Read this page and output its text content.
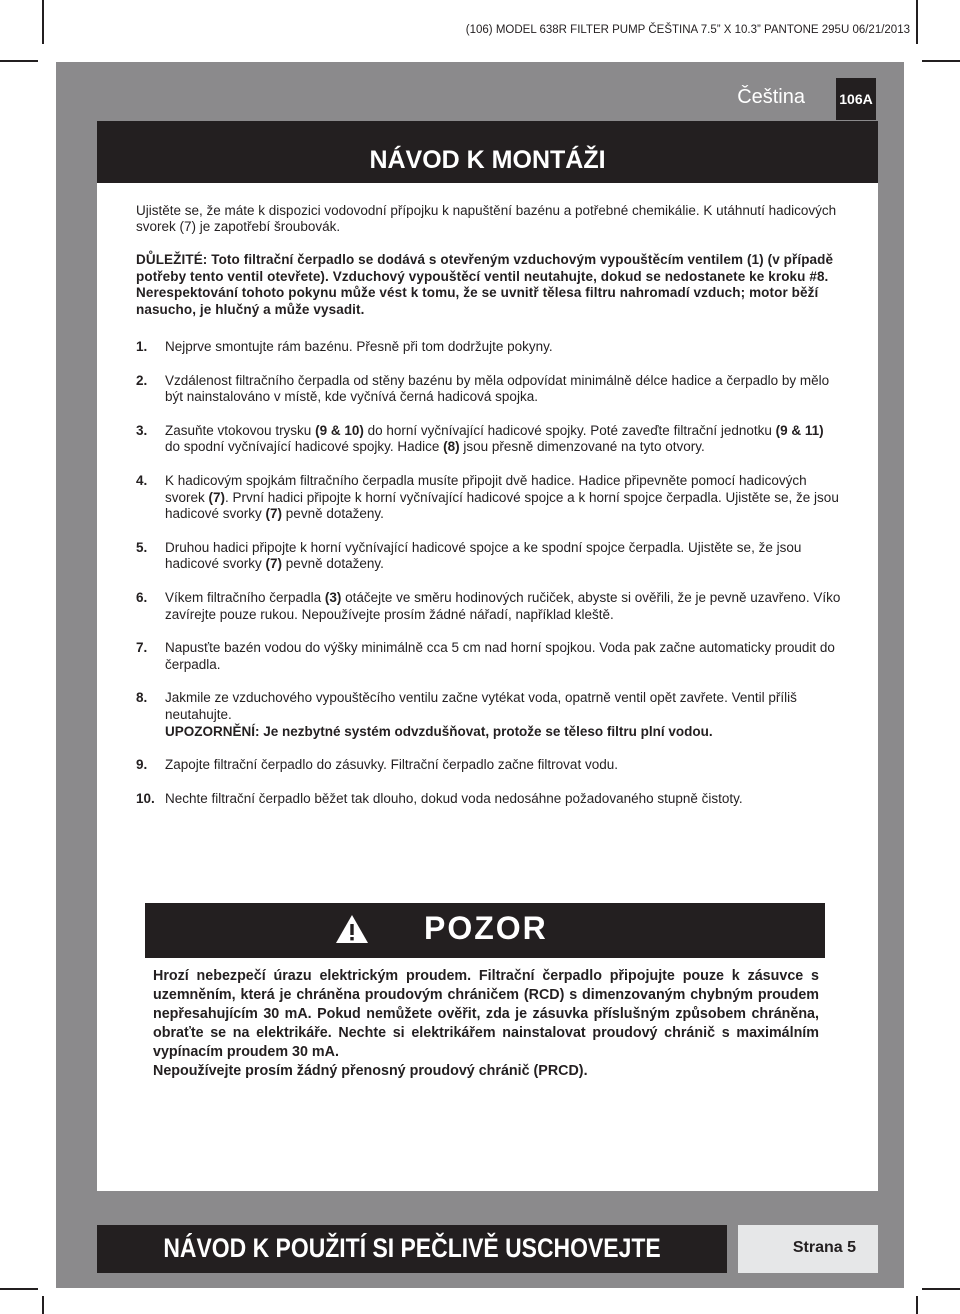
(106) MODEL 638R FILTER PUMP ČEŠTINA 7.5” X 10.3” PANTONE 295U 06/21/2013
Čeština 106A
NÁVOD K MONTÁŽI
Ujistěte se, že máte k dispozici vodovodní přípojku k napuštění bazénu a potřebné chemikálie. K utáhnutí hadicových svorek (7) je zapotřebí šroubovák.
DŮLEŽITÉ: Toto filtrační čerpadlo se dodává s otevřeným vzduchovým vypouštěcím ventilem (1) (v případě potřeby tento ventil otevřete). Vzduchový vypouštěcí ventil neutahujte, dokud se nedostanete ke kroku #8. Nerespektování tohoto pokynu může vést k tomu, že se uvnitř tělesa filtru nahromadí vzduch; motor běží nasucho, je hlučný a může vysadit.
1. Nejprve smontujte rám bazénu. Přesně při tom dodržujte pokyny.
2. Vzdálenost filtračního čerpadla od stěny bazénu by měla odpovídat minimálně délce hadice a čerpadlo by mělo být nainstalováno v místě, kde vyčnívá černá hadicová spojka.
3. Zasuňte vtokovou trysku (9 & 10) do horní vyčnívající hadicové spojky. Poté zaveďte filtrační jednotku (9 & 11) do spodní vyčnívající hadicové spojky. Hadice (8) jsou přesně dimenzované na tyto otvory.
4. K hadicovým spojkám filtračního čerpadla musíte připojit dvě hadice. Hadice připevněte pomocí hadicových svorek (7). První hadici připojte k horní vyčnívající hadicové spojce a k horní spojce čerpadla. Ujistěte se, že jsou hadicové svorky (7) pevně dotaženy.
5. Druhou hadici připojte k horní vyčnívající hadicové spojce a ke spodní spojce čerpadla. Ujistěte se, že jsou hadicové svorky (7) pevně dotaženy.
6. Víkem filtračního čerpadla (3) otáčejte ve směru hodinových ručiček, abyste si ověřili, že je pevně uzavřeno. Víko zavírejte pouze rukou. Nepoužívejte prosím žádné nářadí, například kleště.
7. Napusťte bazén vodou do výšky minimálně cca 5 cm nad horní spojkou. Voda pak začne automaticky proudit do čerpadla.
8. Jakmile ze vzduchového vypouštěcího ventilu začne vytékat voda, opatrně ventil opět zavřete. Ventil příliš neutahujte.
UPOZORNĚNÍ: Je nezbytné systém odvzdušňovat, protože se těleso filtru plní vodou.
9. Zapojte filtrační čerpadlo do zásuvky. Filtrační čerpadlo začne filtrovat vodu.
10. Nechte filtrační čerpadlo běžet tak dlouho, dokud voda nedosáhne požadovaného stupně čistoty.
POZOR
Hrozí nebezpečí úrazu elektrickým proudem. Filtrační čerpadlo připojujte pouze k zásuvce s uzemněním, která je chráněna proudovým chráničem (RCD) s dimenzovaným chybným proudem nepřesahujícím 30 mA. Pokud nemůžete ověřit, zda je zásuvka příslušným způsobem chráněna, obraťte se na elektrikáře. Nechte si elektrikářem nainstalovat proudový chránič s maximálním vypínacím proudem 30 mA.
Nepoužívejte prosím žádný přenosný proudový chránič (PRCD).
NÁVOD K POUŽITÍ SI PEČLIVĚ USCHOVEJTE	Strana 5
